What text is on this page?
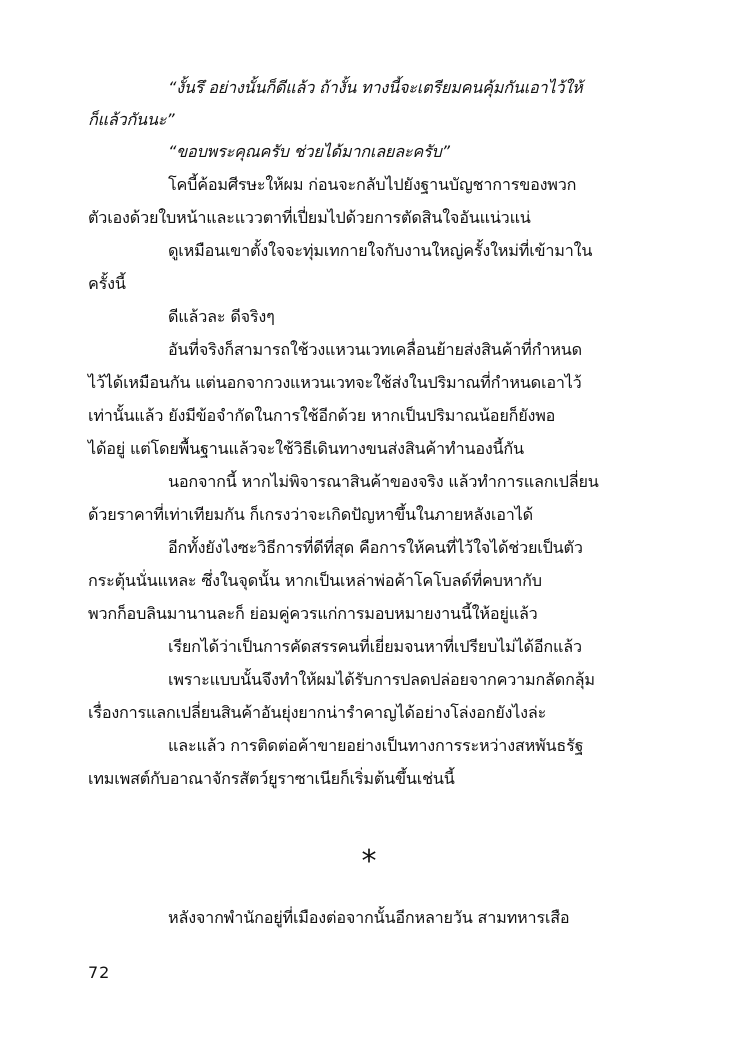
“งั้นรึ อย่างนั้นก็ดีแล้ว ถ้างั้น ทางนี้จะเตรียมคนคุ้มกันเอาไว้ให้
ก็แล้วกันนะ”
“ขอบพระคุณครับ ช่วยได้มากเลยละครับ”
โคบี้ค้อมศีรษะให้ผม ก่อนจะกลับไปยังฐานบัญชาการของพวก
ตัวเองด้วยใบหน้าและแววตาที่เปี่ยมไปด้วยการตัดสินใจอันแน่วแน่
ดูเหมือนเขาตั้งใจจะทุ่มเทกายใจกับงานใหญ่ครั้งใหม่ที่เข้ามาใน
ครั้งนี้
ดีแล้วละ ดีจริงๆ
อันที่จริงก็สามารถใช้วงแหวนเวทเคลื่อนย้ายส่งสินค้าที่กำหนด
ไว้ได้เหมือนกัน แต่นอกจากวงแหวนเวทจะใช้ส่งในปริมาณที่กำหนดเอาไว้
เท่านั้นแล้ว ยังมีข้อจำกัดในการใช้อีกด้วย หากเป็นปริมาณน้อยก็ยังพอ
ได้อยู่ แต่โดยพื้นฐานแล้วจะใช้วิธีเดินทางขนส่งสินค้าทำนองนี้กัน
นอกจากนี้ หากไม่พิจารณาสินค้าของจริง แล้วทำการแลกเปลี่ยน
ด้วยราคาที่เท่าเทียมกัน ก็เกรงว่าจะเกิดปัญหาขึ้นในภายหลังเอาได้
อีกทั้งยังไงซะวิธีการที่ดีที่สุด คือการให้คนที่ไว้ใจได้ช่วยเป็นตัว
กระตุ้นนั่นแหละ ซึ่งในจุดนั้น หากเป็นเหล่าพ่อค้าโคโบลด์ที่คบหากับ
พวกก็อบลินมานานละก็ ย่อมคู่ควรแก่การมอบหมายงานนี้ให้อยู่แล้ว
เรียกได้ว่าเป็นการคัดสรรคนที่เยี่ยมจนหาที่เปรียบไม่ได้อีกแล้ว
เพราะแบบนั้นจึงทำให้ผมได้รับการปลดปล่อยจากความกลัดกลุ้ม
เรื่องการแลกเปลี่ยนสินค้าอันยุ่งยากน่ารำคาญได้อย่างโล่งอกยังไงล่ะ
และแล้ว การติดต่อค้าขายอย่างเป็นทางการระหว่างสหพันธรัฐ
เทมเพสต์กับอาณาจักรสัตว์ยูราซาเนียก็เริ่มต้นขึ้นเช่นนี้
หลังจากพำนักอยู่ที่เมืองต่อจากนั้นอีกหลายวัน สามทหารเสือ
*
72
